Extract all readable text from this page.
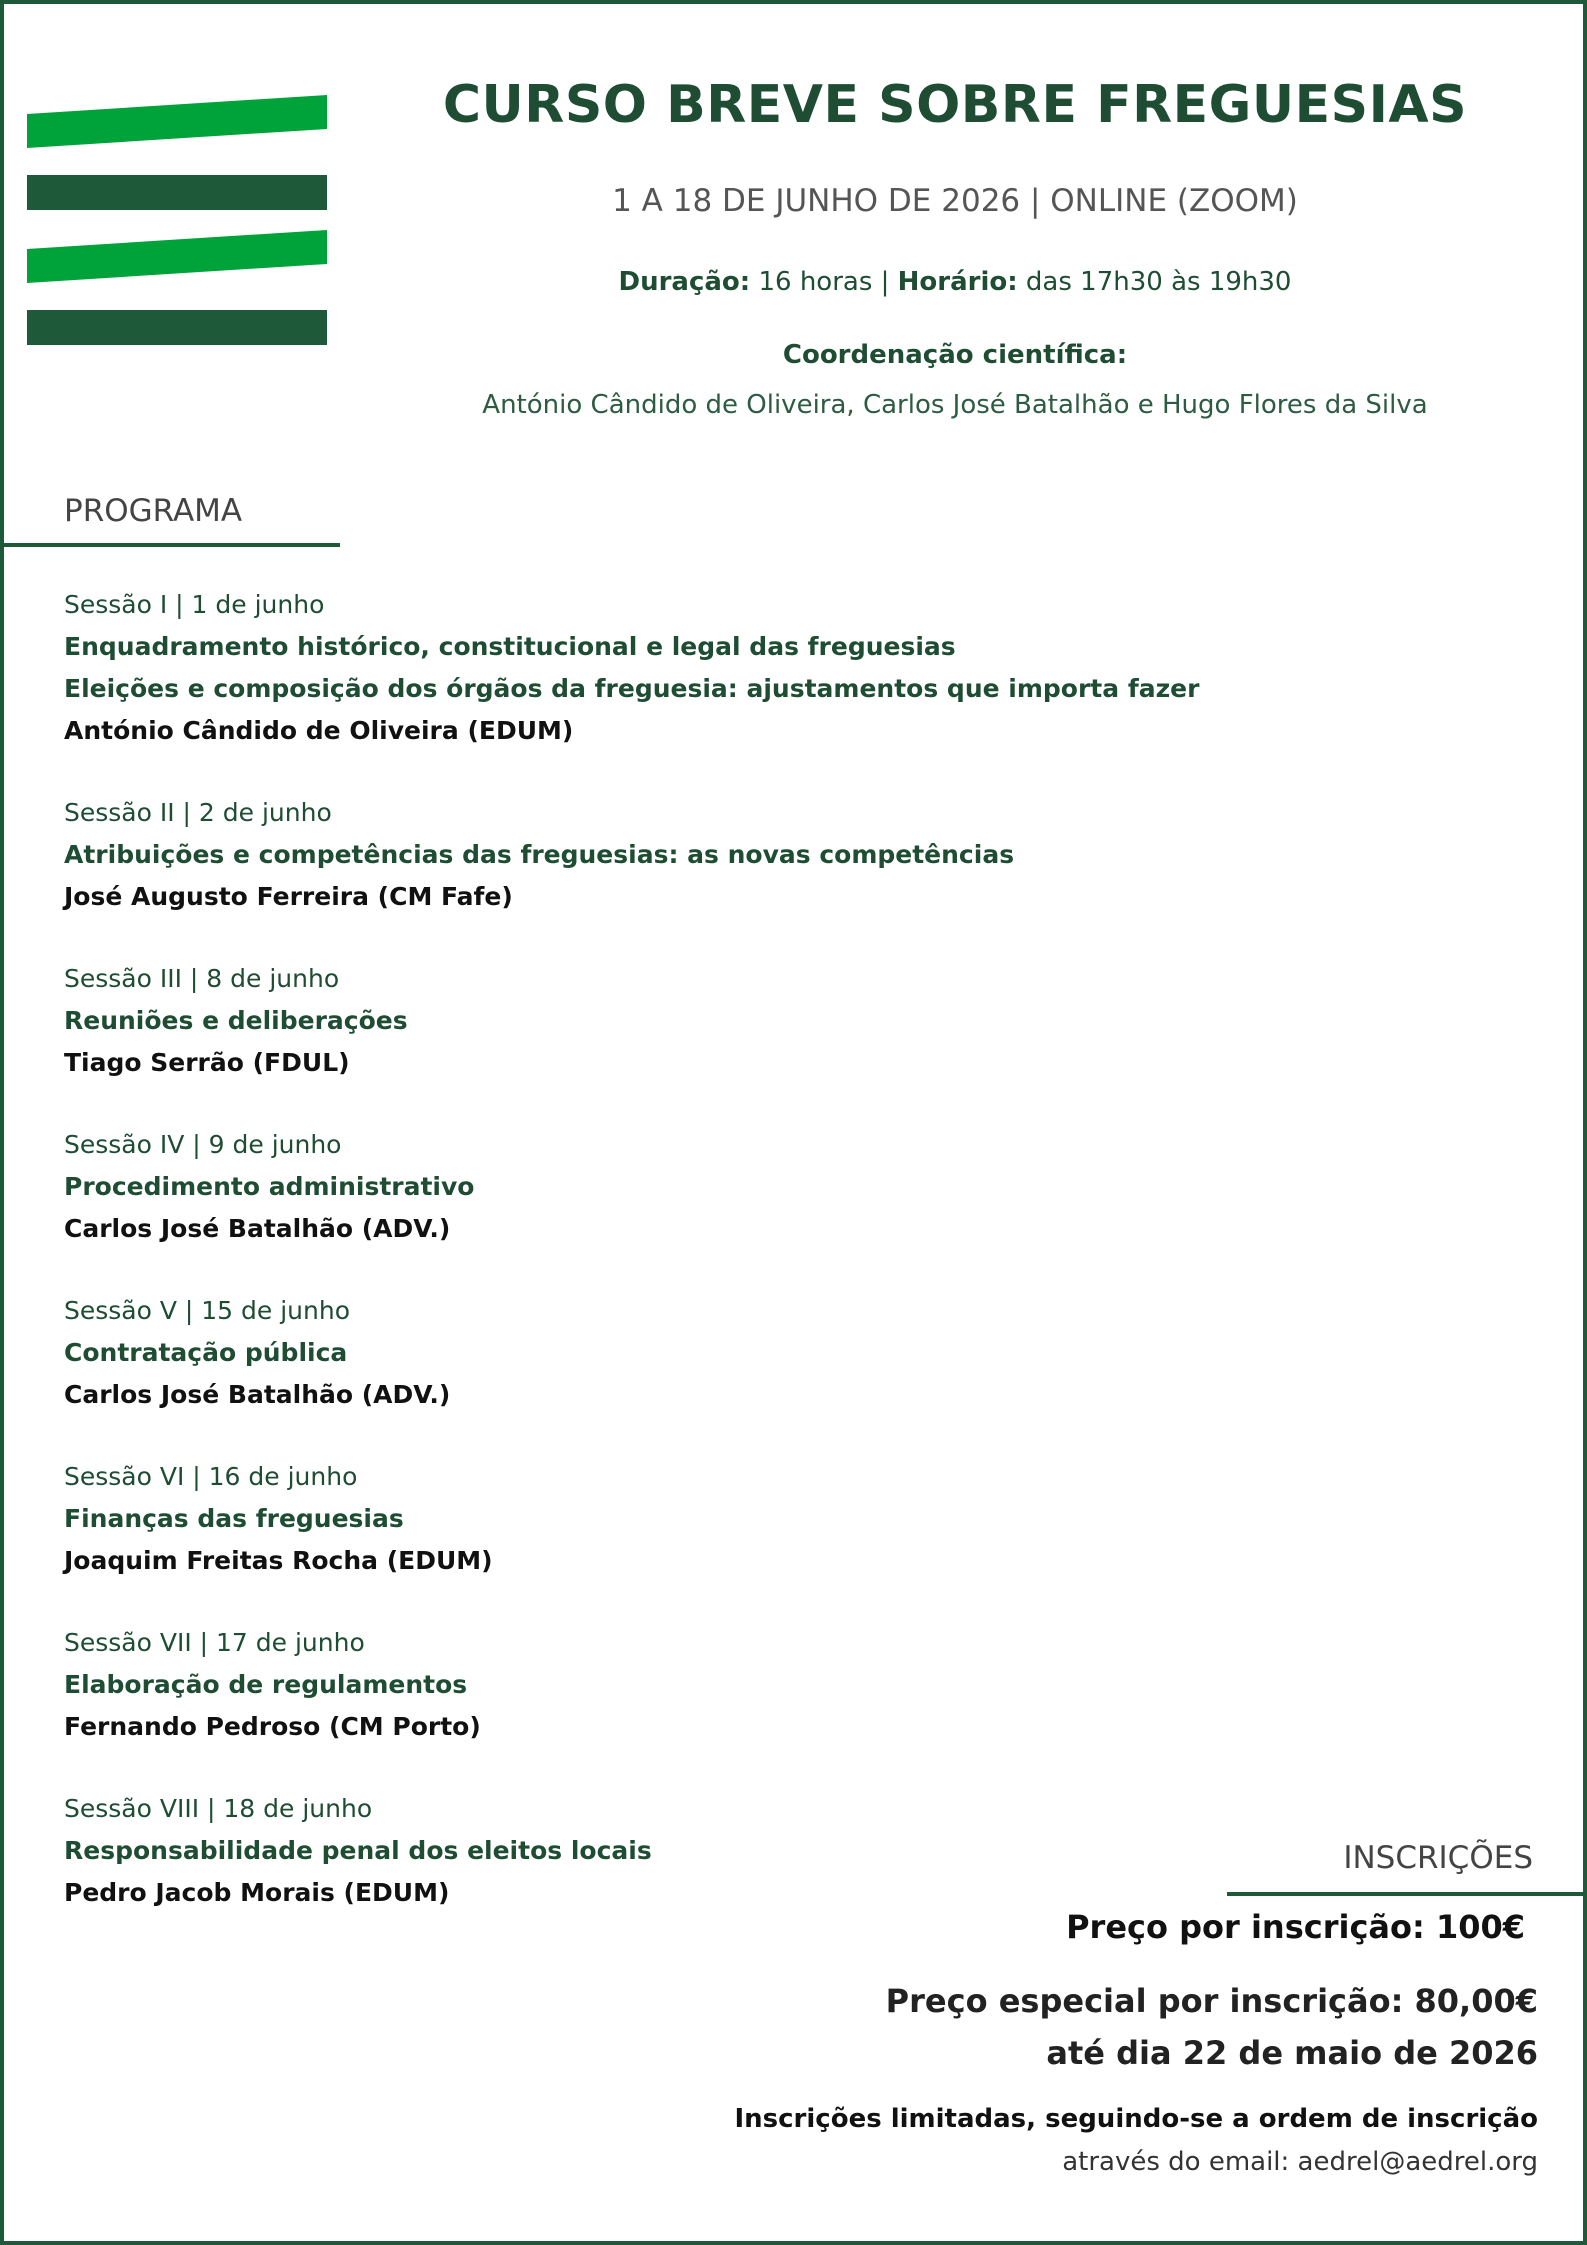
CURSO BREVE SOBRE FREGUESIAS
1 A 18 DE JUNHO DE 2026 | ONLINE (ZOOM)
Duração: 16 horas | Horário: das 17h30 às 19h30
Coordenação científica:
António Cândido de Oliveira, Carlos José Batalhão e Hugo Flores da Silva
PROGRAMA
Sessão I | 1 de junho
Enquadramento histórico, constitucional e legal das freguesias
Eleições e composição dos órgãos da freguesia: ajustamentos que importa fazer
António Cândido de Oliveira (EDUM)
Sessão II | 2 de junho
Atribuições e competências das freguesias: as novas competências
José Augusto Ferreira (CM Fafe)
Sessão III | 8 de junho
Reuniões e deliberações
Tiago Serrão (FDUL)
Sessão IV | 9 de junho
Procedimento administrativo
Carlos José Batalhão (ADV.)
Sessão V | 15 de junho
Contratação pública
Carlos José Batalhão (ADV.)
Sessão VI | 16 de junho
Finanças das freguesias
Joaquim Freitas Rocha (EDUM)
Sessão VII | 17 de junho
Elaboração de regulamentos
Fernando Pedroso (CM Porto)
Sessão VIII | 18 de junho
Responsabilidade penal dos eleitos locais
Pedro Jacob Morais (EDUM)
INSCRIÇÕES
Preço por inscrição: 100€
Preço especial por inscrição: 80,00€
até dia 22 de maio de 2026
Inscrições limitadas, seguindo-se a ordem de inscrição
através do email: aedrel@aedrel.org
